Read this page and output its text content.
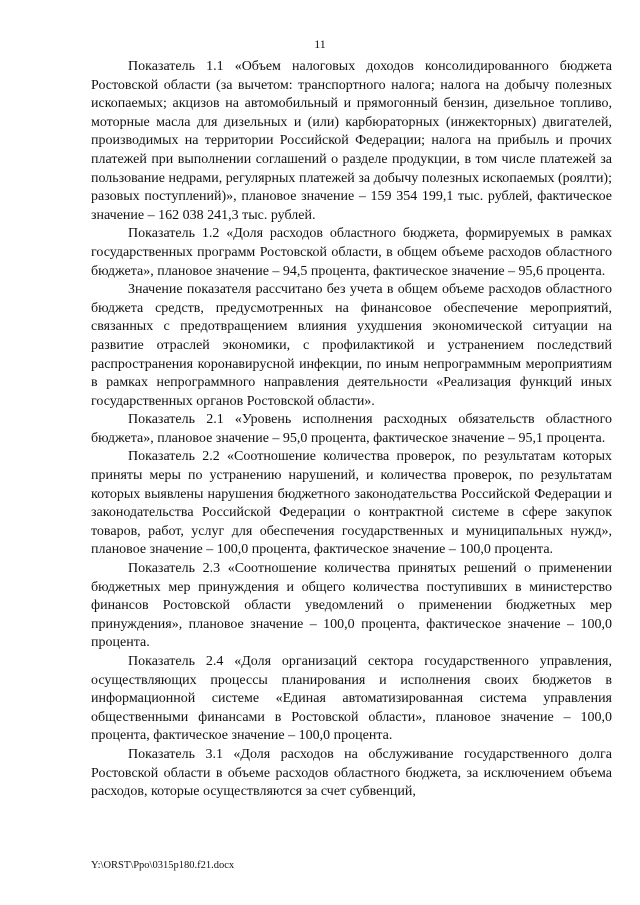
11

Показатель 1.1 «Объем налоговых доходов консолидированного бюджета Ростовской области (за вычетом: транспортного налога; налога на добычу полезных ископаемых; акцизов на автомобильный и прямогонный бензин, дизельное топливо, моторные масла для дизельных и (или) карбюраторных (инжекторных) двигателей, производимых на территории Российской Федерации; налога на прибыль и прочих платежей при выполнении соглашений о разделе продукции, в том числе платежей за пользование недрами, регулярных платежей за добычу полезных ископаемых (роялти); разовых поступлений)», плановое значение – 159 354 199,1 тыс. рублей, фактическое значение – 162 038 241,3 тыс. рублей.

Показатель 1.2 «Доля расходов областного бюджета, формируемых в рамках государственных программ Ростовской области, в общем объеме расходов областного бюджета», плановое значение – 94,5 процента, фактическое значение – 95,6 процента.

Значение показателя рассчитано без учета в общем объеме расходов областного бюджета средств, предусмотренных на финансовое обеспечение мероприятий, связанных с предотвращением влияния ухудшения экономической ситуации на развитие отраслей экономики, с профилактикой и устранением последствий распространения коронавирусной инфекции, по иным непрограммным мероприятиям в рамках непрограммного направления деятельности «Реализация функций иных государственных органов Ростовской области».

Показатель 2.1 «Уровень исполнения расходных обязательств областного бюджета», плановое значение – 95,0 процента, фактическое значение – 95,1 процента.

Показатель 2.2 «Соотношение количества проверок, по результатам которых приняты меры по устранению нарушений, и количества проверок, по результатам которых выявлены нарушения бюджетного законодательства Российской Федерации и законодательства Российской Федерации о контрактной системе в сфере закупок товаров, работ, услуг для обеспечения государственных и муниципальных нужд», плановое значение – 100,0 процента, фактическое значение – 100,0 процента.

Показатель 2.3 «Соотношение количества принятых решений о применении бюджетных мер принуждения и общего количества поступивших в министерство финансов Ростовской области уведомлений о применении бюджетных мер принуждения», плановое значение – 100,0 процента, фактическое значение – 100,0 процента.

Показатель 2.4 «Доля организаций сектора государственного управления, осуществляющих процессы планирования и исполнения своих бюджетов в информационной системе «Единая автоматизированная система управления общественными финансами в Ростовской области», плановое значение – 100,0 процента, фактическое значение – 100,0 процента.

Показатель 3.1 «Доля расходов на обслуживание государственного долга Ростовской области в объеме расходов областного бюджета, за исключением объема расходов, которые осуществляются за счет субвенций,

Y:\ORST\Ppo\0315p180.f21.docx
